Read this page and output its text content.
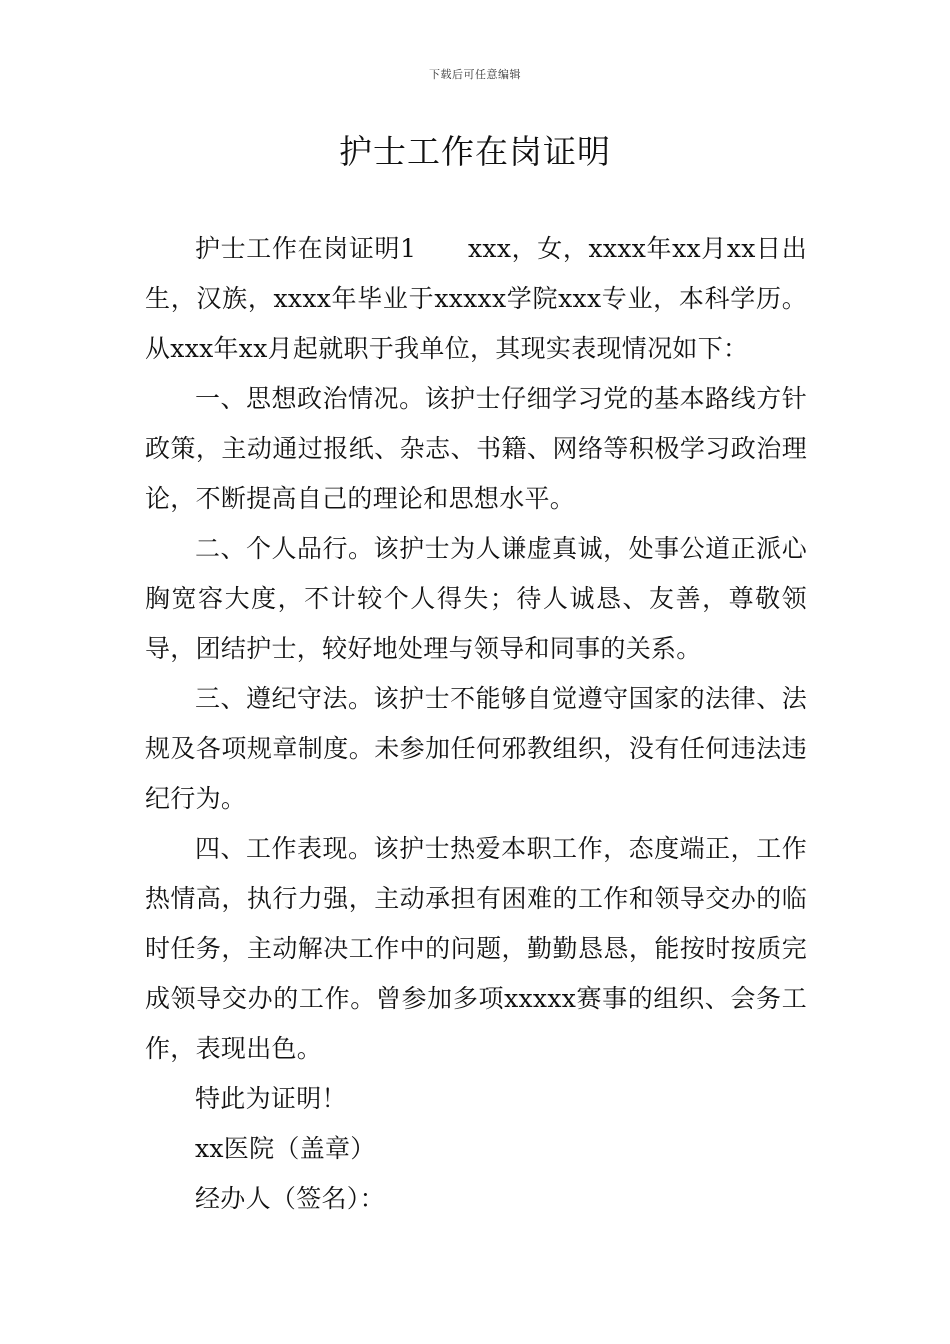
下载后可任意编辑
护士工作在岗证明

护士工作在岗证明1　　xxx，女，xxxx年xx月xx日出生，汉族，xxxx年毕业于xxxxx学院xxx专业，本科学历。从xxx年xx月起就职于我单位，其现实表现情况如下：

一、思想政治情况。该护士仔细学习党的基本路线方针政策，主动通过报纸、杂志、书籍、网络等积极学习政治理论，不断提高自己的理论和思想水平。

二、个人品行。该护士为人谦虚真诚，处事公道正派心胸宽容大度，不计较个人得失；待人诚恳、友善，尊敬领导，团结护士，较好地处理与领导和同事的关系。

三、遵纪守法。该护士不能够自觉遵守国家的法律、法规及各项规章制度。未参加任何邪教组织，没有任何违法违纪行为。

四、工作表现。该护士热爱本职工作，态度端正，工作热情高，执行力强，主动承担有困难的工作和领导交办的临时任务，主动解决工作中的问题，勤勤恳恳，能按时按质完成领导交办的工作。曾参加多项xxxxx赛事的组织、会务工作，表现出色。

特此为证明！

xx医院（盖章）

经办人（签名）：
